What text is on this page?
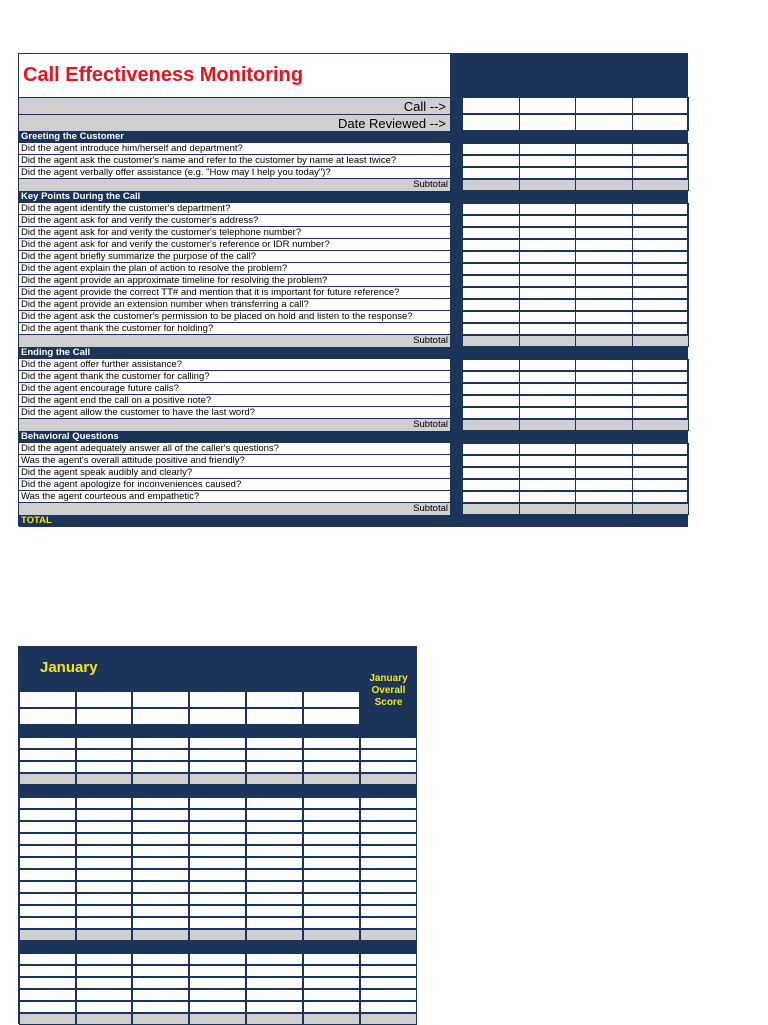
Call Effectiveness Monitoring
Call -->
Date Reviewed -->
Greeting the Customer
Did the agent introduce him/herself and department?
Did the agent ask the customer's name and refer to the customer by name at least twice?
Did the agent verbally offer assistance (e.g. "How may I help you today")?
Subtotal
Key Points During the Call
Did the agent identify the customer's department?
Did the agent ask for and verify the customer's address?
Did the agent ask for and verify the customer's telephone number?
Did the agent ask for and verify the customer's reference or IDR number?
Did the agent briefly summarize the purpose of the call?
Did the agent explain the plan of action to resolve the problem?
Did the agent provide an approximate timeline for resolving the problem?
Did the agent provide the correct TT# and mention that it is important for future reference?
Did the agent provide an extension number when transferring a call?
Did the agent ask the customer's permission to be placed on hold and listen to the response?
Did the agent thank the customer for holding?
Subtotal
Ending the Call
Did the agent offer further assistance?
Did the agent thank the customer for calling?
Did the agent encourage future calls?
Did the agent end the call on a positive note?
Did the agent allow the customer to have the last word?
Subtotal
Behavioral Questions
Did the agent adequately answer all of the caller's questions?
Was the agent's overall attitude positive and friendly?
Did the agent speak audibly and clearly?
Did the agent apologize for inconveniences caused?
Was the agent courteous and empathetic?
Subtotal
TOTAL
January
January Overall Score
